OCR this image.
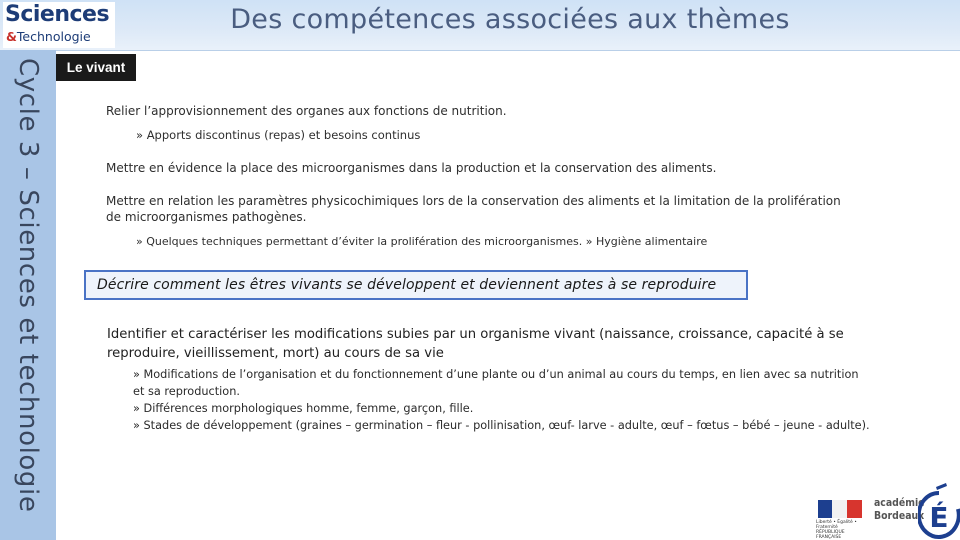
Sciences
&Technologie
Des compétences associées aux thèmes
Cycle 3 – Sciences et technologie	Le vivant
Relier l’approvisionnement des organes aux fonctions de nutrition.
» Apports discontinus (repas) et besoins continus
Mettre en évidence la place des microorganismes dans la production et la conservation des aliments.
Mettre en relation les paramètres physicochimiques lors de la conservation des aliments et la limitation de la prolifération de microorganismes pathogènes.
» Quelques techniques permettant d’éviter la prolifération des microorganismes. » Hygiène alimentaire
Décrire comment les êtres vivants se développent et deviennent aptes à se reproduire
Identifier et caractériser les modifications subies par un organisme vivant (naissance, croissance, capacité à se reproduire, vieillissement, mort) au cours de sa vie
» Modifications de l’organisation et du fonctionnement d’une plante ou d’un animal au cours du temps, en lien avec sa nutrition
et sa reproduction.
» Différences morphologiques homme, femme, garçon, fille.
» Stades de développement (graines – germination – fleur - pollinisation, œuf- larve - adulte, œuf – fœtus – bébé – jeune - adulte).
Liberté • Égalité • Fraternité RÉPUBLIQUE FRANÇAISE
académie
Bordeaux É
